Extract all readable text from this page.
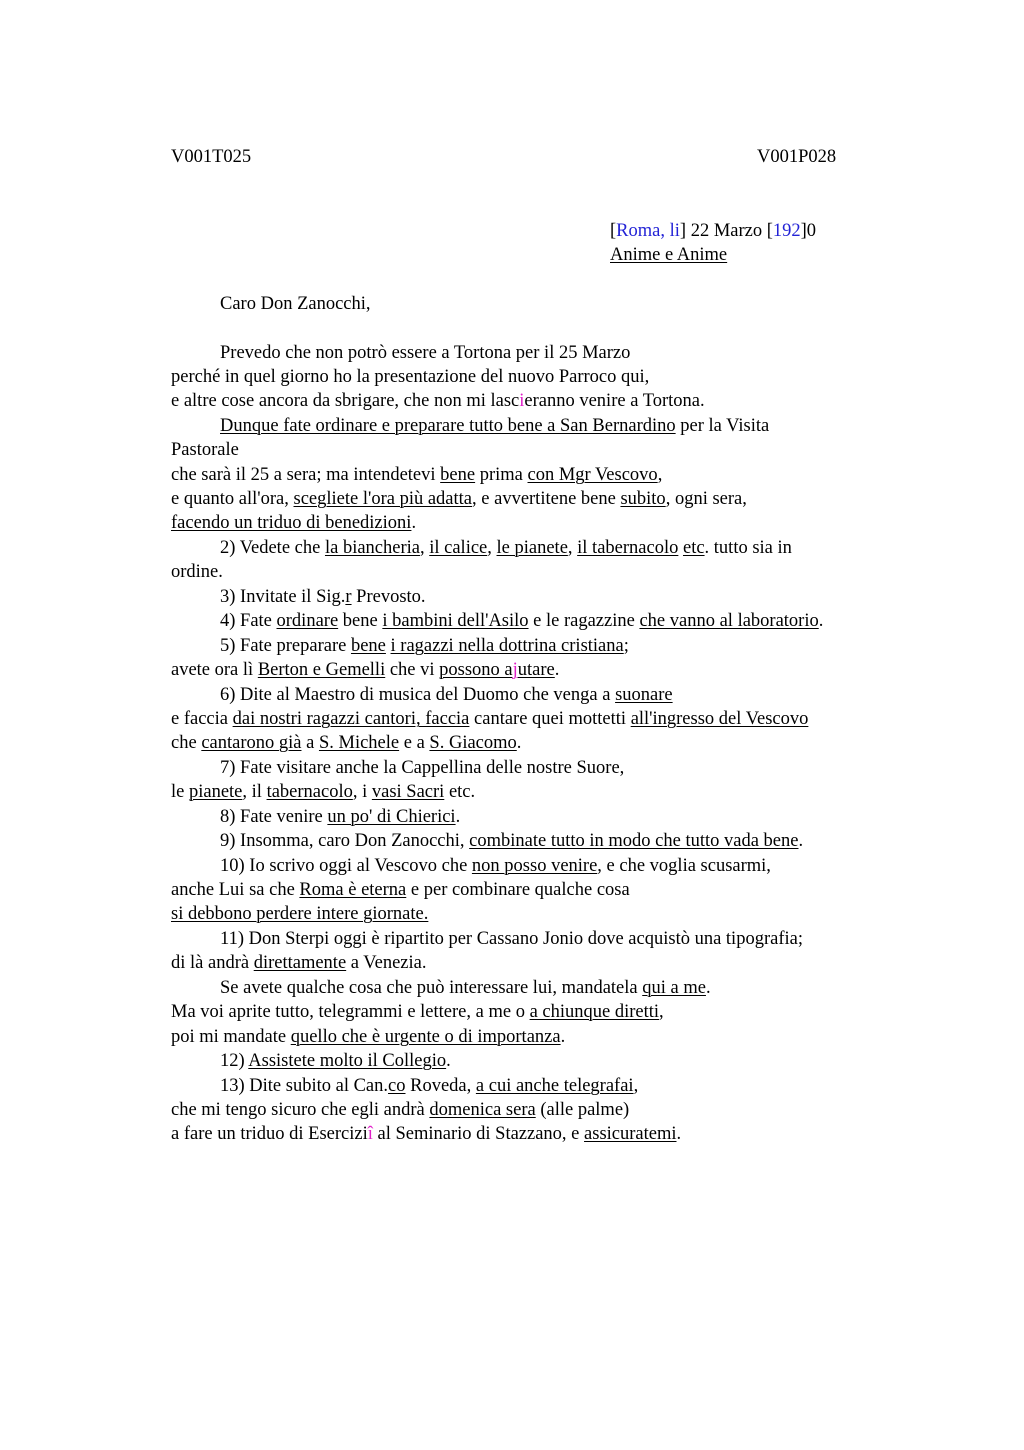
V001T025	V001P028
[Roma, li] 22 Marzo [192]0
Anime e Anime
Caro Don Zanocchi,
Prevedo che non potrò essere a Tortona per il 25 Marzo
perché in quel giorno ho la presentazione del nuovo Parroco qui,
e altre cose ancora da sbrigare, che non mi lascieranno venire a Tortona.
Dunque fate ordinare e preparare tutto bene a San Bernardino per la Visita
Pastorale
che sarà il 25 a sera; ma intendetevi bene prima con Mgr Vescovo,
e quanto all'ora, scegliete l'ora più adatta, e avvertitene bene subito, ogni sera,
facendo un triduo di benedizioni.
2) Vedete che la biancheria, il calice, le pianete, il tabernacolo etc. tutto sia in
ordine.
3) Invitate il Sig.r Prevosto.
4) Fate ordinare bene i bambini dell'Asilo e le ragazzine che vanno al laboratorio.
5) Fate preparare bene i ragazzi nella dottrina cristiana;
avete ora lì Berton e Gemelli che vi possono ajutare.
6) Dite al Maestro di musica del Duomo che venga a suonare
e faccia dai nostri ragazzi cantori, faccia cantare quei mottetti all'ingresso del Vescovo
che cantarono già a S. Michele e a S. Giacomo.
7) Fate visitare anche la Cappellina delle nostre Suore,
le pianete, il tabernacolo, i vasi Sacri etc.
8) Fate venire un po' di Chierici.
9) Insomma, caro Don Zanocchi, combinate tutto in modo che tutto vada bene.
10) Io scrivo oggi al Vescovo che non posso venire, e che voglia scusarmi,
anche Lui sa che Roma è eterna e per combinare qualche cosa
si debbono perdere intere giornate.
11) Don Sterpi oggi è ripartito per Cassano Jonio dove acquistò una tipografia;
di là andrà direttamente a Venezia.
Se avete qualche cosa che può interessare lui, mandatela qui a me.
Ma voi aprite tutto, telegrammi e lettere, a me o a chiunque diretti,
poi mi mandate quello che è urgente o di importanza.
12) Assistete molto il Collegio.
13) Dite subito al Can.co Roveda, a cui anche telegrafai,
che mi tengo sicuro che egli andrà domenica sera (alle palme)
a fare un triduo di Eserciziî al Seminario di Stazzano, e assicuratemi.
